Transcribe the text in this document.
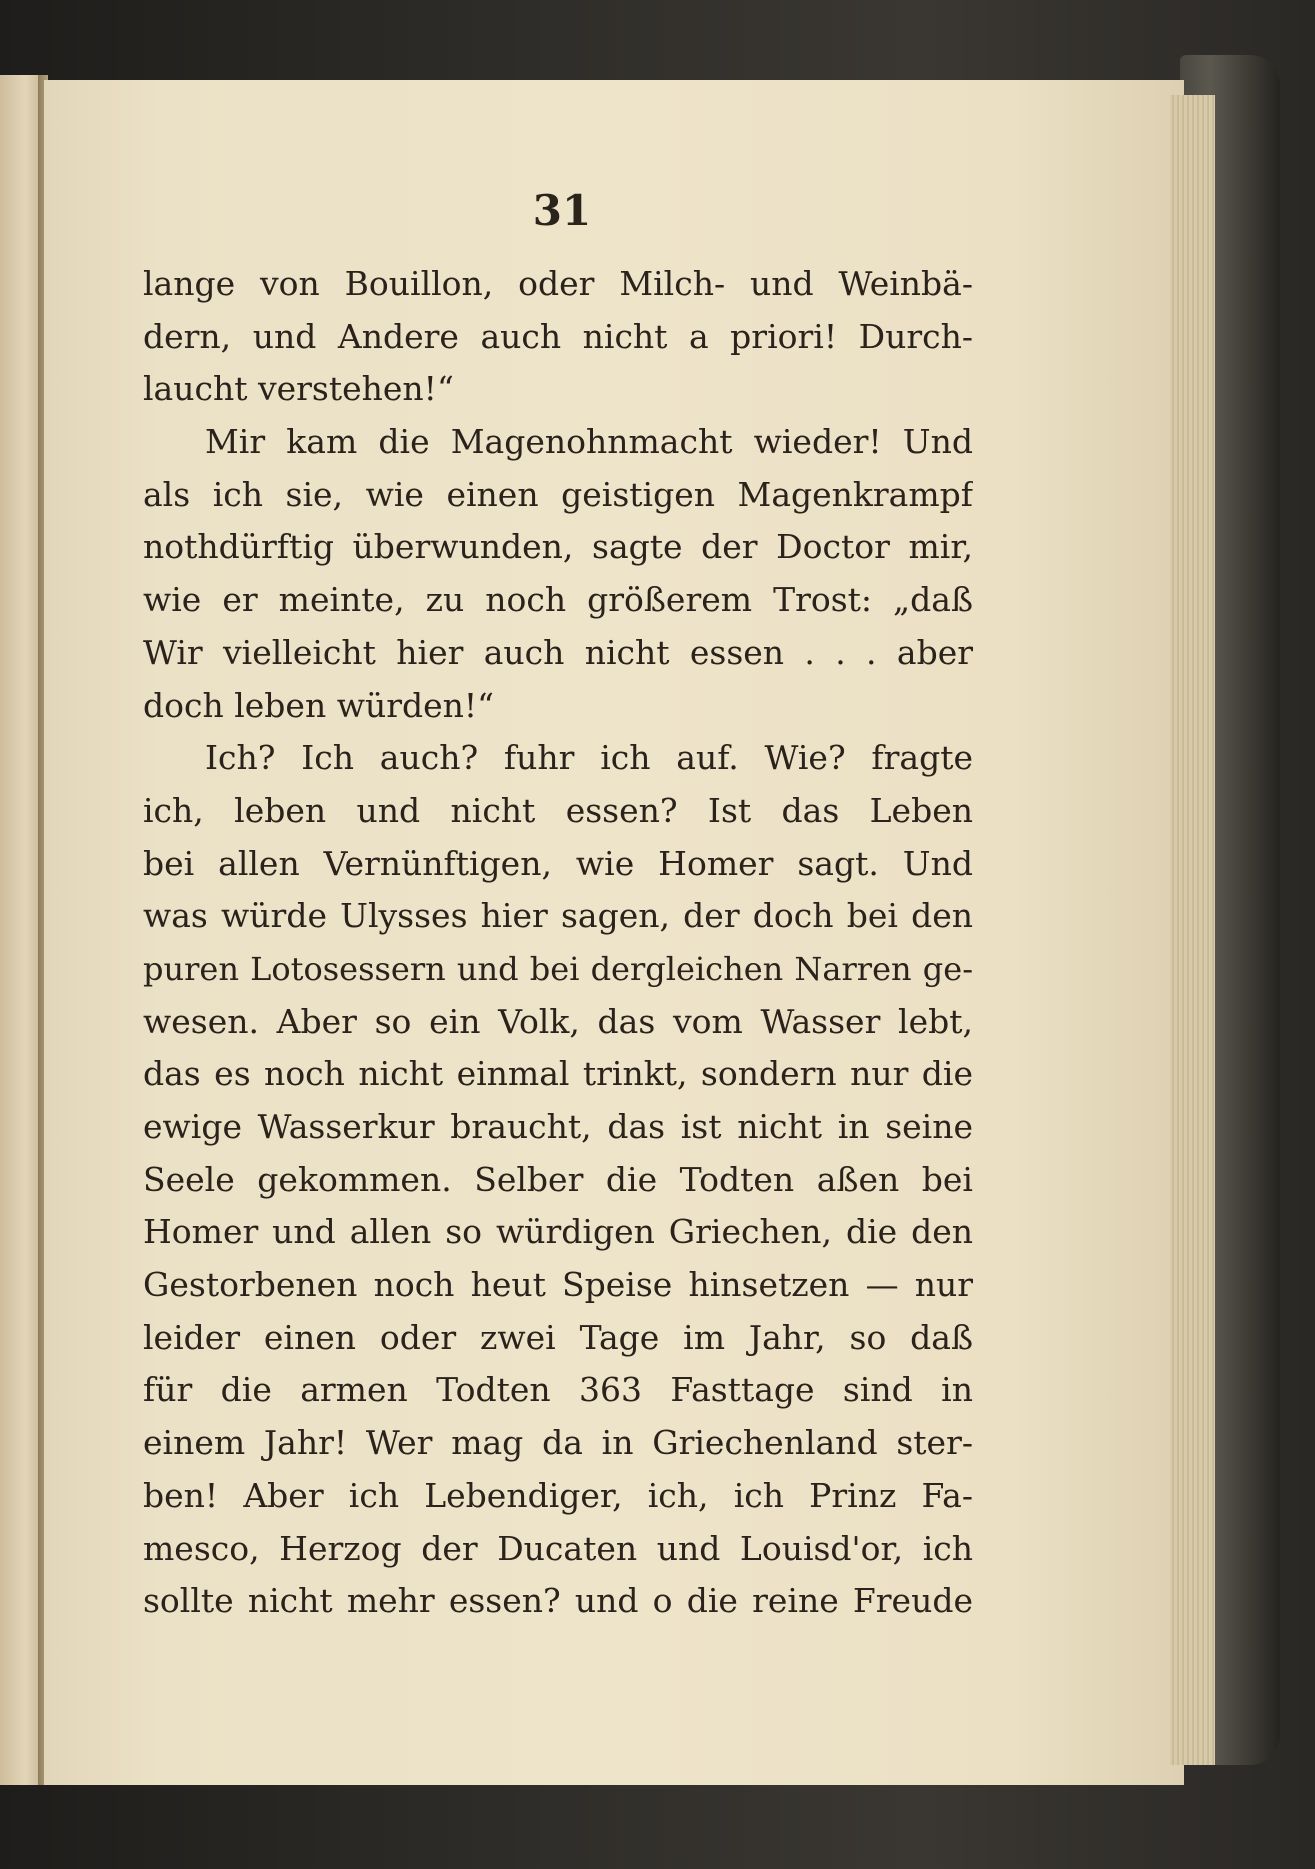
31

lange von Bouillon, oder Milch- und Weinbä-
dern, und Andere auch nicht a priori! Durch-
laucht verstehen!“
Mir kam die Magenohnmacht wieder! Und
als ich sie, wie einen geistigen Magenkrampf
nothdürftig überwunden, sagte der Doctor mir,
wie er meinte, zu noch größerem Trost: „daß
Wir vielleicht hier auch nicht essen . . . aber
doch leben würden!“
Ich? Ich auch? fuhr ich auf. Wie? fragte
ich, leben und nicht essen? Ist das Leben
bei allen Vernünftigen, wie Homer sagt. Und
was würde Ulysses hier sagen, der doch bei den
puren Lotosessern und bei dergleichen Narren ge-
wesen. Aber so ein Volk, das vom Wasser lebt,
das es noch nicht einmal trinkt, sondern nur die
ewige Wasserkur braucht, das ist nicht in seine
Seele gekommen. Selber die Todten aßen bei
Homer und allen so würdigen Griechen, die den
Gestorbenen noch heut Speise hinsetzen — nur
leider einen oder zwei Tage im Jahr, so daß
für die armen Todten 363 Fasttage sind in
einem Jahr! Wer mag da in Griechenland ster-
ben! Aber ich Lebendiger, ich, ich Prinz Fa-
mesco, Herzog der Ducaten und Louisd'or, ich
sollte nicht mehr essen? und o die reine Freude
